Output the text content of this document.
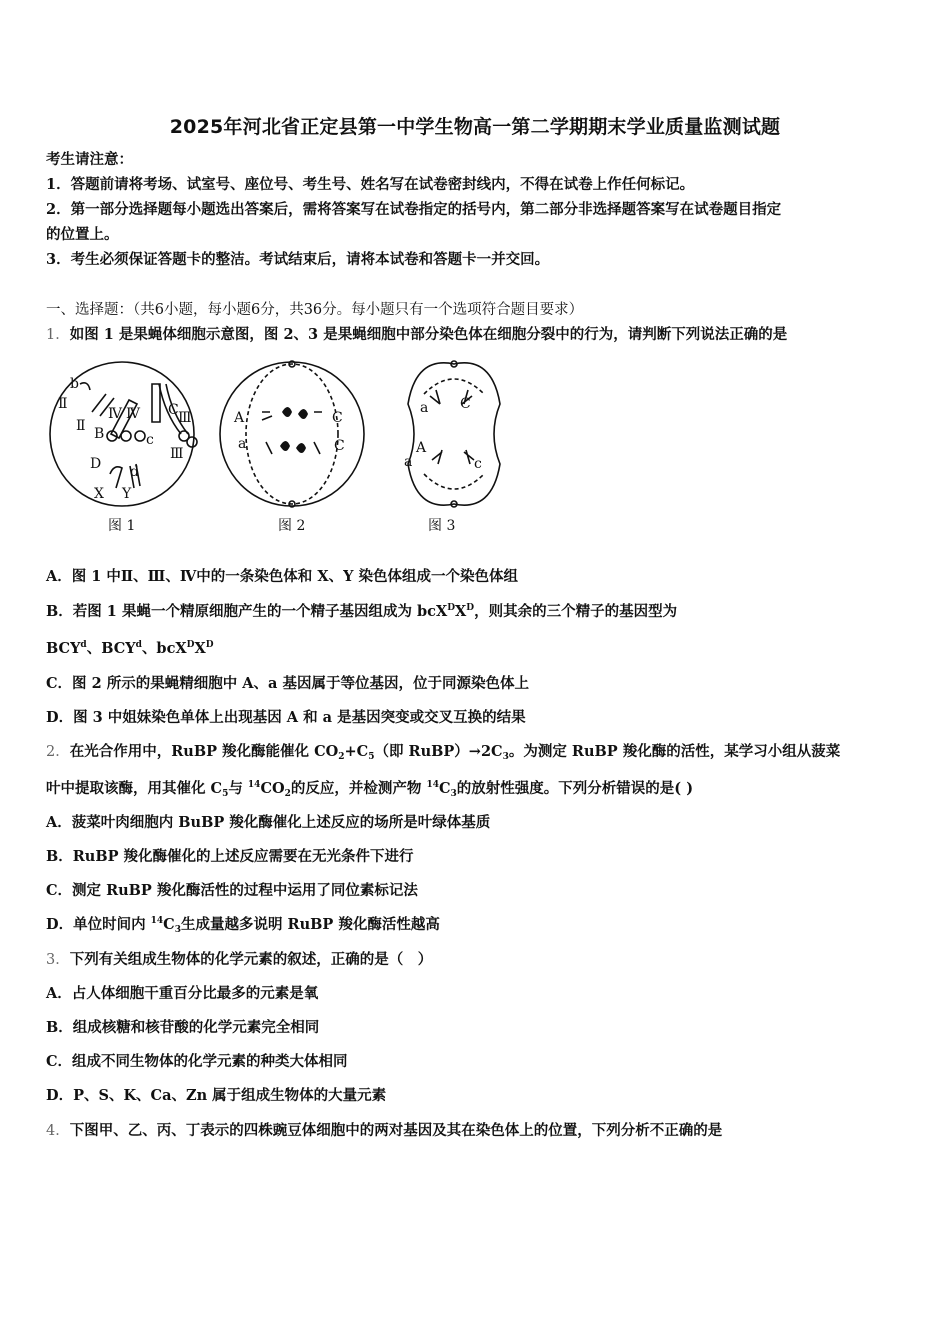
2025年河北省正定县第一中学生物高一第二学期期末学业质量监测试题
考生请注意：
1．答题前请将考场、试室号、座位号、考生号、姓名写在试卷密封线内，不得在试卷上作任何标记。
2．第一部分选择题每小题选出答案后，需将答案写在试卷指定的括号内，第二部分非选择题答案写在试卷题目指定
的位置上。
3．考生必须保证答题卡的整洁。考试结束后，请将本试卷和答题卡一并交回。
一、选择题：（共6小题，每小题6分，共36分。每小题只有一个选项符合题目要求）
1．如图 1 是果蝇体细胞示意图，图 2、3 是果蝇细胞中部分染色体在细胞分裂中的行为，请判断下列说法正确的是
b
Ⅱ
Ⅱ B
Ⅳ Ⅳ C Ⅲ
c
Ⅲ
D d
X Y
A
a
C
C
a C
A
a	c
图 1	图 2	图 3
A．图 1 中Ⅱ、Ⅲ、Ⅳ中的一条染色体和 X、Y 染色体组成一个染色体组
B．若图 1 果蝇一个精原细胞产生的一个精子基因组成为 $bcX^DX^D$，则其余的三个精子的基因型为
BCY$^d$、BCY$^d$、$bcX^DX^D$
C．图 2 所示的果蝇精细胞中 A、a 基因属于等位基因，位于同源染色体上
D．图 3 中姐妹染色单体上出现基因 A 和 a 是基因突变或交叉互换的结果
2．在光合作用中，RuBP 羧化酶能催化 $CO_2+C_5$（即 $RuBP)\to 2C_3$。为测定 RuBP 羧化酶的活性，某学习小组从菠菜
叶中提取该酶，用其催化 $C_5$与 $^{14}CO_2$的反应，并检测产物 $^{14}C_3$的放射性强度。下列分析错误的是( )
A．菠菜叶肉细胞内 BuBP 羧化酶催化上述反应的场所是叶绿体基质
B．RuBP 羧化酶催化的上述反应需要在无光条件下进行
C．测定 RuBP 羧化酶活性的过程中运用了同位素标记法
D．单位时间内 $^{14}C_3$生成量越多说明 RuBP 羧化酶活性越高
3．下列有关组成生物体的化学元素的叙述，正确的是（　）
A．占人体细胞干重百分比最多的元素是氧
B．组成核糖和核苷酸的化学元素完全相同
C．组成不同生物体的化学元素的种类大体相同
D．P、S、K、Ca、Zn 属于组成生物体的大量元素
4．下图甲、乙、丙、丁表示的四株豌豆体细胞中的两对基因及其在染色体上的位置，下列分析不正确的是
